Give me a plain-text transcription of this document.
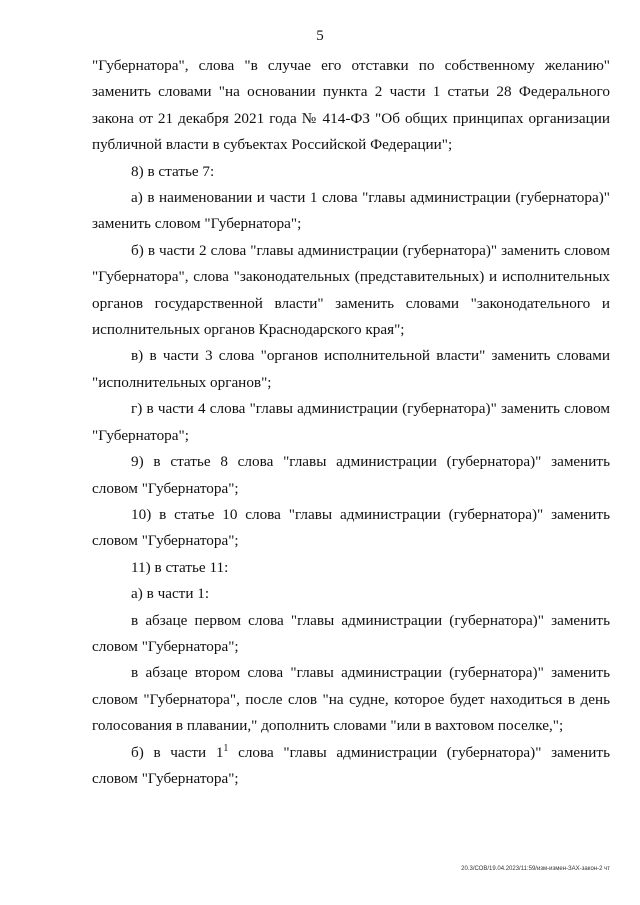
5

"Губернатора", слова "в случае его отставки по собственному желанию" заменить словами "на основании пункта 2 части 1 статьи 28 Федерального закона от 21 декабря 2021 года № 414-ФЗ "Об общих принципах организации публичной власти в субъектах Российской Федерации";

8) в статье 7:

а) в наименовании и части 1 слова "главы администрации (губернатора)" заменить словом "Губернатора";

б) в части 2 слова "главы администрации (губернатора)" заменить словом "Губернатора", слова "законодательных (представительных) и исполнительных органов государственной власти" заменить словами "законодательного и исполнительных органов Краснодарского края";

в) в части 3 слова "органов исполнительной власти" заменить словами "исполнительных органов";

г) в части 4 слова "главы администрации (губернатора)" заменить словом "Губернатора";

9) в статье 8 слова "главы администрации (губернатора)" заменить словом "Губернатора";

10) в статье 10 слова "главы администрации (губернатора)" заменить словом "Губернатора";

11) в статье 11:

а) в части 1:

в абзаце первом слова "главы администрации (губернатора)" заменить словом "Губернатора";

в абзаце втором слова "главы администрации (губернатора)" заменить словом "Губернатора", после слов "на судне, которое будет находиться в день голосования в плавании," дополнить словами "или в вахтовом поселке,";

б) в части $1^1$ слова "главы администрации (губернатора)" заменить словом "Губернатора";

20.3/СОВ/19.04.2023/11:59/изм-измен-ЗАХ-закон-2 чт
